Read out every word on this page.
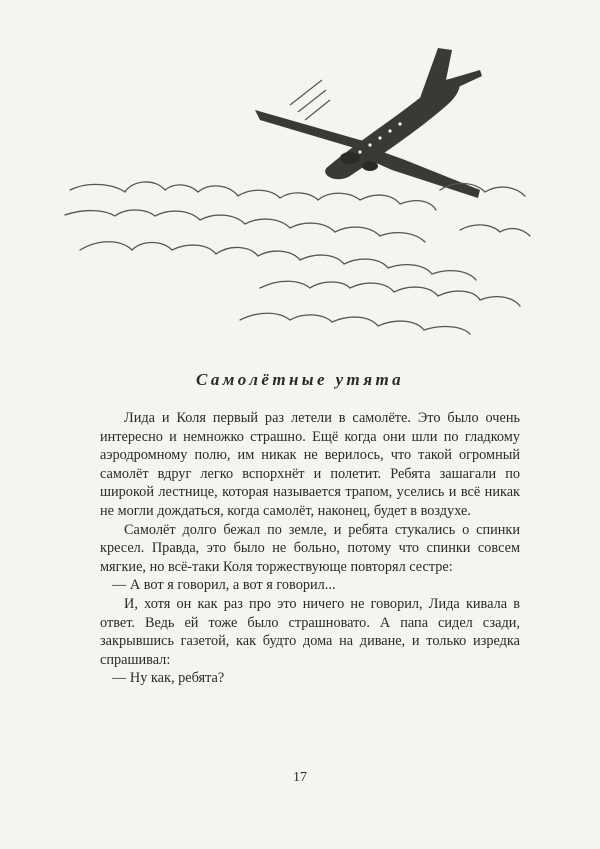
Самолётные утята

Лида и Коля первый раз летели в самолёте. Это было очень интересно и немножко страшно. Ещё когда они шли по гладкому аэродромному полю, им никак не верилось, что такой огромный самолёт вдруг легко вспорхнёт и полетит. Ребята зашагали по широкой лестнице, которая называется трапом, уселись и всё никак не могли дождаться, когда самолёт, наконец, будет в воздухе.

Самолёт долго бежал по земле, и ребята стукались о спинки кресел. Правда, это было не больно, потому что спинки совсем мягкие, но всё-таки Коля торжествующе повторял сестре:

— А вот я говорил, а вот я говорил...

И, хотя он как раз про это ничего не говорил, Лида кивала в ответ. Ведь ей тоже было страшновато. А папа сидел сзади, закрывшись газетой, как будто дома на диване, и только изредка спрашивал:

— Ну как, ребята?

17
